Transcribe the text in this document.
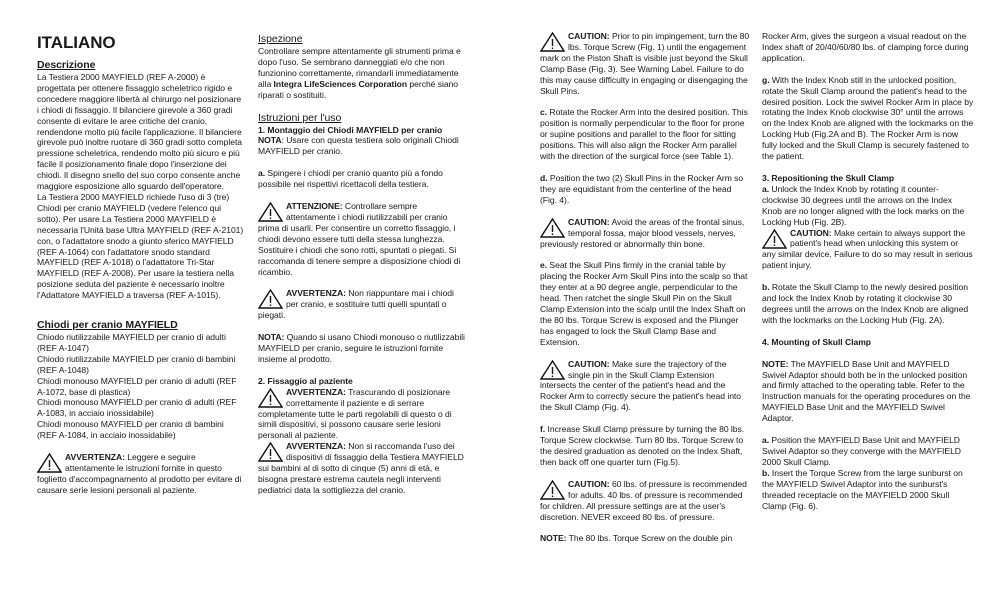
ITALIANO

Descrizione

La Testiera 2000 MAYFIELD (REF A-2000) è progettata per ottenere fissaggio scheletrico rigido e concedere maggiore libertà al chirurgo nel posizionare i chiodi di fissaggio. Il bilanciere girevole a 360 gradi consente di evitare le aree critiche del cranio, rendendone molto più facile l'applicazione. Il bilanciere girevole può inoltre ruotare di 360 gradi sotto completa pressione scheletrica, rendendo molto più sicuro e più facile il posizionamento finale dopo l'inserzione dei chiodi. Il disegno snello del suo corpo consente anche maggiore esposizione allo sguardo dell'operatore.

La Testiera 2000 MAYFIELD richiede l'uso di 3 (tre) Chiodi per cranio MAYFIELD (vedere l'elenco qui sotto). Per usare La Testiera 2000 MAYFIELD è necessaria l'Unità base Ultra MAYFIELD (REF A-2101) con, o l'adattatore snodo a giunto sferico MAYFIELD (REF A-1064) con l'adattatore snodo standard MAYFIELD (REF A-1018) o l'adattatore Tri-Star MAYFIELD (REF A-2008). Per usare la testiera nella posizione seduta del paziente è necessario inoltre l'Adattatore MAYFIELD a traversa (REF A-1015).

Chiodi per cranio MAYFIELD

Chiodo riutilizzabile MAYFIELD per cranio di adulti (REF A-1047)

Chiodo riutilizzabile MAYFIELD per cranio di bambini (REF A-1048)

Chiodi monouso MAYFIELD per cranio di adulti (REF A-1072, base di plastica)

Chiodi monouso MAYFIELD per cranio di adulti (REF A-1083, in acciaio inossidabile)

Chiodi monouso MAYFIELD per cranio di bambini (REF A-1084, in acciaio inossidabile)

AVVERTENZA: Leggere e seguire attentamente le istruzioni fornite in questo foglietto d'accompagnamento al prodotto per evitare di causare serie lesioni personali al paziente.

Ispezione

Controllare sempre attentamente gli strumenti prima e dopo l'uso. Se sembrano danneggiati e/o che non funzionino correttamente, rimandarli immediatamente alla Integra LifeSciences Corporation perché siano riparati o sostituiti.

Istruzioni per l'uso

1. Montaggio dei Chiodi MAYFIELD per cranio

NOTA: Usare con questa testiera solo originali Chiodi MAYFIELD per cranio.

a. Spingere i chiodi per cranio quanto più a fondo possibile nei rispettivi ricettacoli della testiera.

ATTENZIONE: Controllare sempre attentamente i chiodi riutilizzabili per cranio prima di usarli. Per consentire un corretto fissaggio, i chiodi devono essere tutti della stessa lunghezza. Sostituire i chiodi che sono rotti, spuntati o piegati. Si raccomanda di tenere sempre a disposizione chiodi di ricambio.

AVVERTENZA: Non riappuntare mai i chiodi per cranio, e sostituire tutti quelli spuntati o piegati.

NOTA: Quando si usano Chiodi monouso o riutilizzabili MAYFIELD per cranio, seguire le istruzioni fornite insieme al prodotto.

2. Fissaggio al paziente

AVVERTENZA: Trascurando di posizionare correttamente il paziente e di serrare completamente tutte le parti regolabili di questo o di simili dispositivi, si possono causare serie lesioni personali al paziente.

AVVERTENZA: Non si raccomanda l'uso dei dispositivi di fissaggio della Testiera MAYFIELD sui bambini al di sotto di cinque (5) anni di età, e bisogna prestare estrema cautela negli interventi pediatrici data la sottigliezza del cranio.

CAUTION: Prior to pin impingement, turn the 80 lbs. Torque Screw (Fig. 1) until the engagement mark on the Piston Shaft is visible just beyond the Skull Clamp Base (Fig. 3). See Warning Label. Failure to do this may cause difficulty in engaging or disengaging the Skull Pins.

c. Rotate the Rocker Arm into the desired position. This position is normally perpendicular to the floor for prone or supine positions and parallel to the floor for sitting positions. This will also align the Rocker Arm parallel with the direction of the surgical force (see Table 1).

d. Position the two (2) Skull Pins in the Rocker Arm so they are equidistant from the centerline of the head (Fig. 4).

CAUTION: Avoid the areas of the frontal sinus, temporal fossa, major blood vessels, nerves, previously restored or abnormally thin bone.

e. Seat the Skull Pins firmly in the cranial table by placing the Rocker Arm Skull Pins into the scalp so that they enter at a 90 degree angle, perpendicular to the head. Then ratchet the single Skull Pin on the Skull Clamp Extension into the scalp until the Index Shaft on the 80 lbs. Torque Screw is exposed and the Plunger has engaged to lock the Skull Clamp Base and Extension.

CAUTION: Make sure the trajectory of the single pin in the Skull Clamp Extension intersects the center of the patient's head and the Rocker Arm to correctly secure the patient's head into the Skull Clamp (Fig. 4).

f. Increase Skull Clamp pressure by turning the 80 lbs. Torque Screw clockwise. Turn 80 lbs. Torque Screw to the desired graduation as denoted on the Index Shaft, then back off one quarter turn (Fig.5).

CAUTION: 60 lbs. of pressure is recommended for adults. 40 lbs. of pressure is recommended for children. All pressure settings are at the user's discretion. NEVER exceed 80 lbs. of pressure.

NOTE: The 80 lbs. Torque Screw on the double pin

Rocker Arm, gives the surgeon a visual readout on the Index shaft of 20/40/60/80 lbs. of clamping force during application.

g. With the Index Knob still in the unlocked position, rotate the Skull Clamp around the patient's head to the desired position. Lock the swivel Rocker Arm in place by rotating the Index Knob clockwise 30° until the arrows on the Index Knob are aligned with the lockmarks on the Locking Hub (Fig.2A and B). The Rocker Arm is now fully locked and the Skull Clamp is securely fastened to the patient.

3. Repositioning the Skull Clamp

a. Unlock the Index Knob by rotating it counter-clockwise 30 degrees until the arrows on the Index Knob are no longer aligned with the lock marks on the Locking Hub (Fig. 2B).

CAUTION: Make certain to always support the patient's head when unlocking this system or any similar device. Failure to do so may result in serious patient injury.

b. Rotate the Skull Clamp to the newly desired position and lock the Index Knob by rotating it clockwise 30 degrees until the arrows on the Index Knob are aligned with the lockmarks on the Locking Hub (Fig. 2A).

4. Mounting of Skull Clamp

NOTE: The MAYFIELD Base Unit and MAYFIELD Swivel Adaptor should both be in the unlocked position and firmly attached to the operating table. Refer to the Instruction manuals for the operating procedures on the MAYFIELD Base Unit and the MAYFIELD Swivel Adaptor.

a. Position the MAYFIELD Base Unit and MAYFIELD Swivel Adaptor so they converge with the MAYFIELD 2000 Skull Clamp.

b. Insert the Torque Screw from the large sunburst on the MAYFIELD Swivel Adaptor into the sunburst's threaded receptacle on the MAYFIELD 2000 Skull Clamp (Fig. 6).
